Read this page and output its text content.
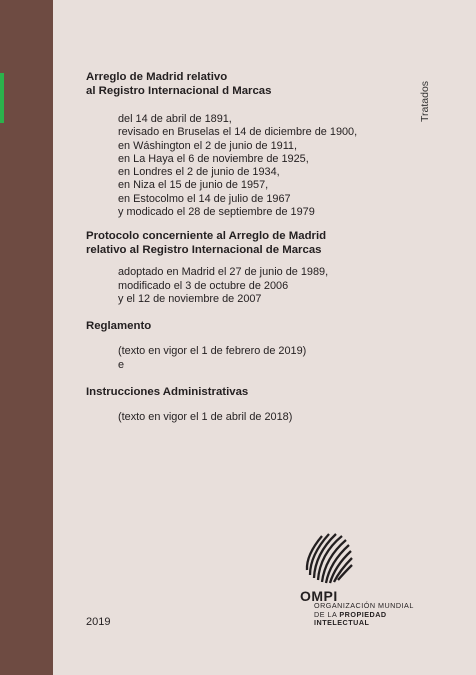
Tratados

Arreglo de Madrid relativo
al Registro Internacional d Marcas

del 14 de abril de 1891,
revisado en Bruselas el 14 de diciembre de 1900,
en Wáshington el 2 de junio de 1911,
en La Haya el 6 de noviembre de 1925,
en Londres el 2 de junio de 1934,
en Niza el 15 de junio de 1957,
en Estocolmo el 14 de julio de 1967
y modicado el 28 de septiembre de 1979

Protocolo concerniente al Arreglo de Madrid
relativo al Registro Internacional de Marcas

adoptado en Madrid el 27 de junio de 1989,
modificado el 3 de octubre de 2006
y el 12 de noviembre de 2007

Reglamento

(texto en vigor el 1 de febrero de 2019)
e

Instrucciones Administrativas

(texto en vigor el 1 de abril de 2018)

OMPI
ORGANIZACIÓN MUNDIAL
DE LA PROPIEDAD
INTELECTUAL
2019
